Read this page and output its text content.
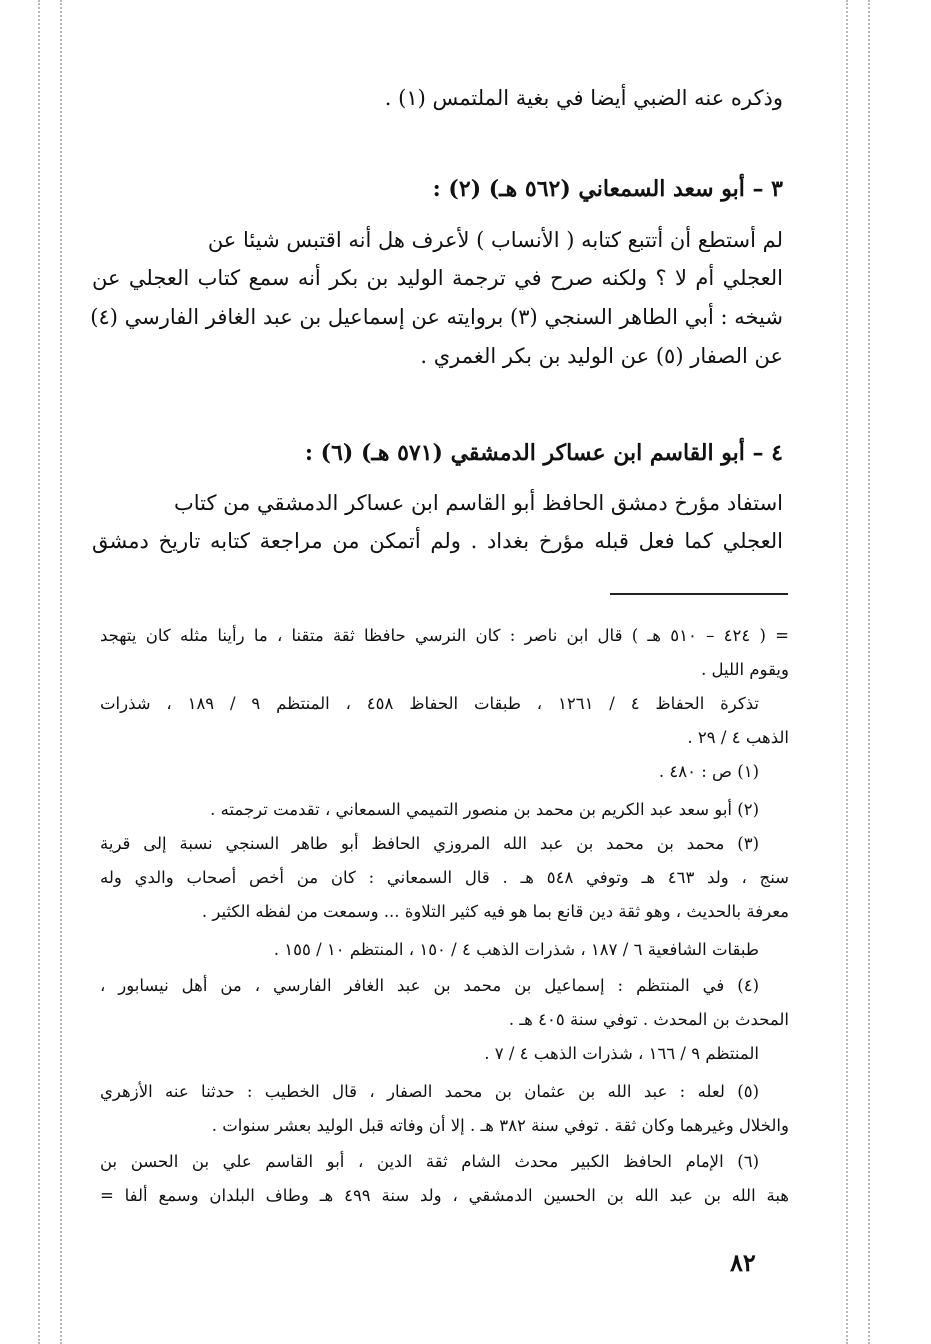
وذكره عنه الضبي أيضا في بغية الملتمس (١) .
٣ – أبو سعد السمعاني (٥٦٢ هـ) (٢) :
لم أستطع أن أتتبع كتابه ( الأنساب ) لأعرف هل أنه اقتبس شيئا عن
العجلي أم لا ؟ ولكنه صرح في ترجمة الوليد بن بكر أنه سمع كتاب العجلي عن
شيخه : أبي الطاهر السنجي (٣) بروايته عن إسماعيل بن عبد الغافر الفارسي (٤)
عن الصفار (٥) عن الوليد بن بكر الغمري .
٤ – أبو القاسم ابن عساكر الدمشقي (٥٧١ هـ) (٦) :
استفاد مؤرخ دمشق الحافظ أبو القاسم ابن عساكر الدمشقي من كتاب
العجلي كما فعل قبله مؤرخ بغداد . ولم أتمكن من مراجعة كتابه تاريخ دمشق
= ( ٤٢٤ – ٥١٠ هـ ) قال ابن ناصر : كان النرسي حافظا ثقة متقنا ، ما رأينا مثله كان يتهجد
ويقوم الليل .
تذكرة الحفاظ ٤ / ١٢٦١ ، طبقات الحفاظ ٤٥٨ ، المنتظم ٩ / ١٨٩ ، شذرات
الذهب ٤ / ٢٩ .
(١) ص : ٤٨٠ .
(٢) أبو سعد عبد الكريم بن محمد بن منصور التميمي السمعاني ، تقدمت ترجمته .
(٣) محمد بن محمد بن عبد الله المروزي الحافظ أبو طاهر السنجي نسبة إلى قرية
سنج ، ولد ٤٦٣ هـ وتوفي ٥٤٨ هـ . قال السمعاني : كان من أخص أصحاب والدي وله
معرفة بالحديث ، وهو ثقة دين قانع بما هو فيه كثير التلاوة ... وسمعت من لفظه الكثير .
طبقات الشافعية ٦ / ١٨٧ ، شذرات الذهب ٤ / ١٥٠ ، المنتظم ١٠ / ١٥٥ .
(٤) في المنتظم : إسماعيل بن محمد بن عبد الغافر الفارسي ، من أهل نيسابور ،
المحدث بن المحدث . توفي سنة ٤٠٥ هـ .
المنتظم ٩ / ١٦٦ ، شذرات الذهب ٤ / ٧ .
(٥) لعله : عبد الله بن عثمان بن محمد الصفار ، قال الخطيب : حدثنا عنه الأزهري
والخلال وغيرهما وكان ثقة . توفي سنة ٣٨٢ هـ . إلا أن وفاته قبل الوليد بعشر سنوات .
(٦) الإمام الحافظ الكبير محدث الشام ثقة الدين ، أبو القاسم علي بن الحسن بن
هبة الله بن عبد الله بن الحسين الدمشقي ، ولد سنة ٤٩٩ هـ وطاف البلدان وسمع ألفا =
٨٢
